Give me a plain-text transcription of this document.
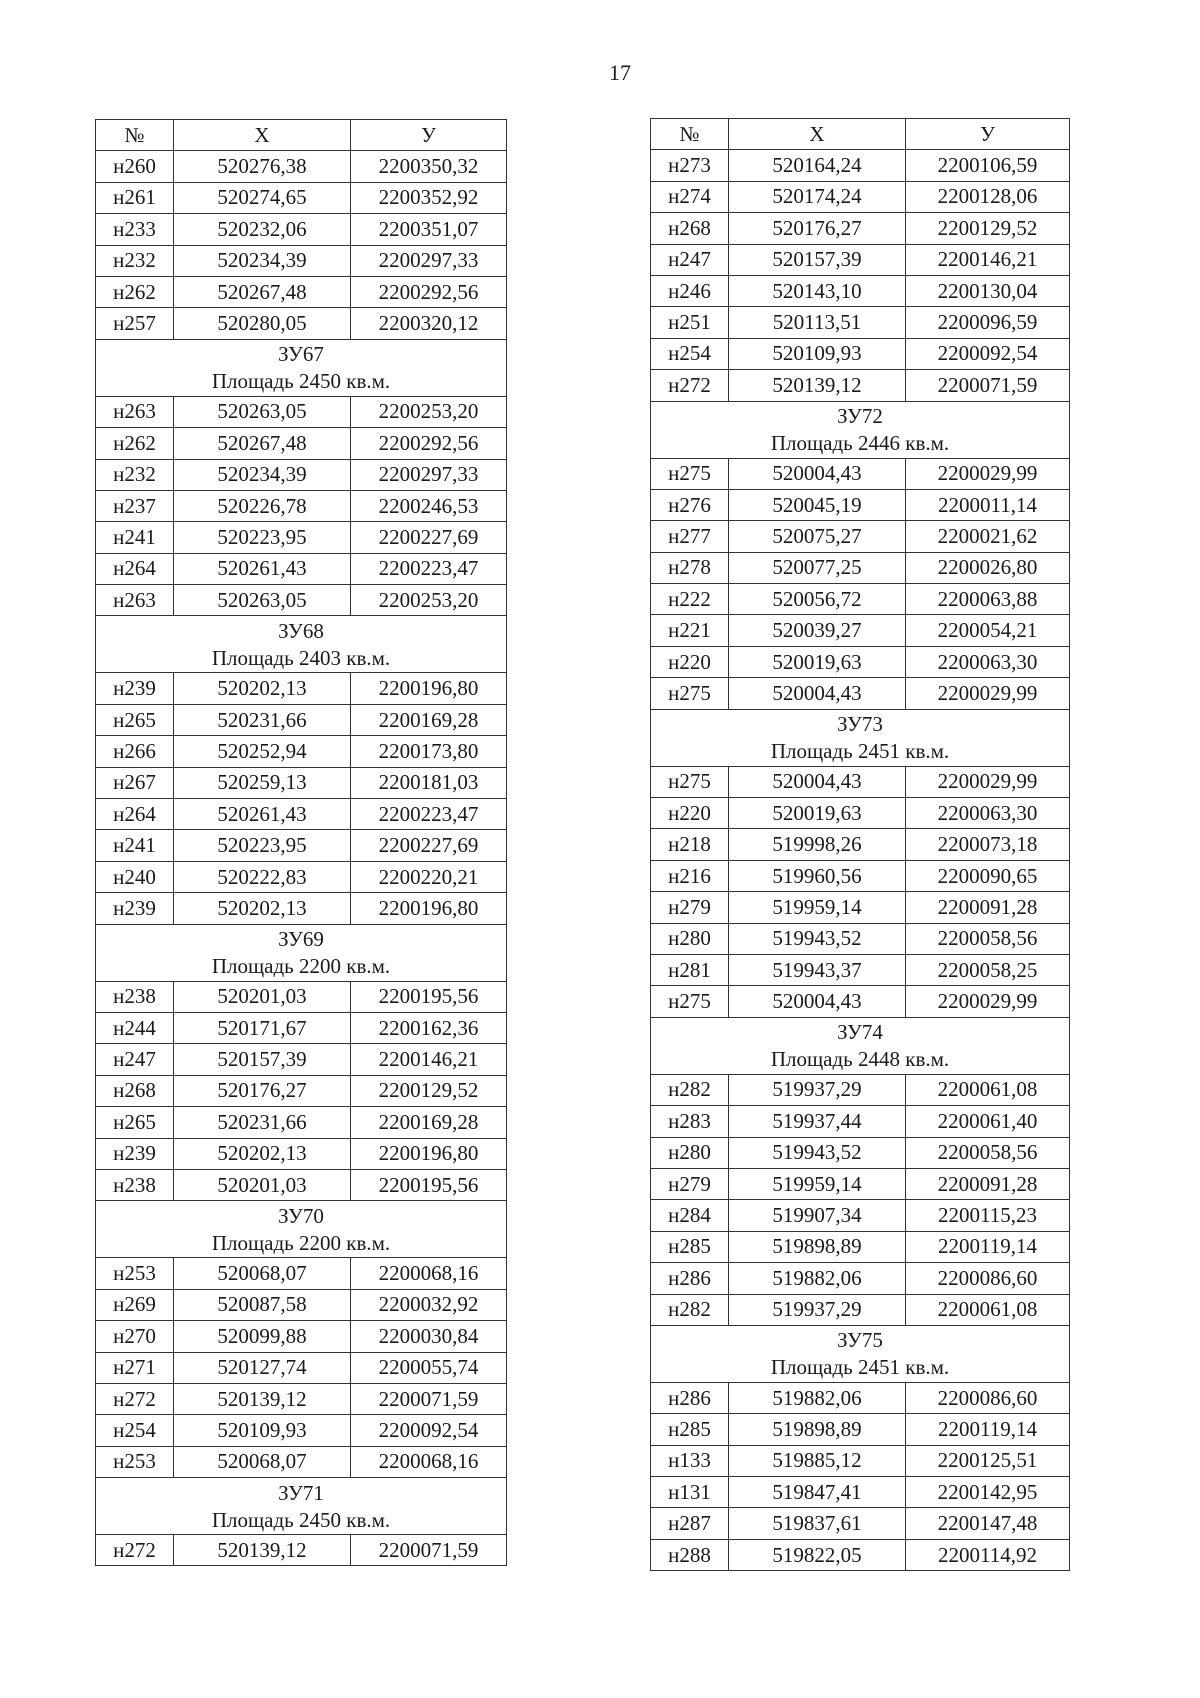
17
№	Х	У
н260	520276,38	2200350,32
н261	520274,65	2200352,92
н233	520232,06	2200351,07
н232	520234,39	2200297,33
н262	520267,48	2200292,56
н257	520280,05	2200320,12

ЗУ67
Площадь 2450 кв.м.		

н263	520263,05	2200253,20
н262	520267,48	2200292,56
н232	520234,39	2200297,33
н237	520226,78	2200246,53
н241	520223,95	2200227,69
н264	520261,43	2200223,47
н263	520263,05	2200253,20

ЗУ68
Площадь 2403 кв.м.		

н239	520202,13	2200196,80
н265	520231,66	2200169,28
н266	520252,94	2200173,80
н267	520259,13	2200181,03
н264	520261,43	2200223,47
н241	520223,95	2200227,69
н240	520222,83	2200220,21
н239	520202,13	2200196,80

ЗУ69
Площадь 2200 кв.м.		

н238	520201,03	2200195,56
н244	520171,67	2200162,36
н247	520157,39	2200146,21
н268	520176,27	2200129,52
н265	520231,66	2200169,28
н239	520202,13	2200196,80
н238	520201,03	2200195,56

ЗУ70
Площадь 2200 кв.м.		

н253	520068,07	2200068,16
н269	520087,58	2200032,92
н270	520099,88	2200030,84
н271	520127,74	2200055,74
н272	520139,12	2200071,59
н254	520109,93	2200092,54
н253	520068,07	2200068,16

ЗУ71
Площадь 2450 кв.м.		

н272	520139,12	2200071,59
№	Х	У
н273	520164,24	2200106,59
н274	520174,24	2200128,06
н268	520176,27	2200129,52
н247	520157,39	2200146,21
н246	520143,10	2200130,04
н251	520113,51	2200096,59
н254	520109,93	2200092,54
н272	520139,12	2200071,59

ЗУ72
Площадь 2446 кв.м.		

н275	520004,43	2200029,99
н276	520045,19	2200011,14
н277	520075,27	2200021,62
н278	520077,25	2200026,80
н222	520056,72	2200063,88
н221	520039,27	2200054,21
н220	520019,63	2200063,30
н275	520004,43	2200029,99

ЗУ73
Площадь 2451 кв.м.		

н275	520004,43	2200029,99
н220	520019,63	2200063,30
н218	519998,26	2200073,18
н216	519960,56	2200090,65
н279	519959,14	2200091,28
н280	519943,52	2200058,56
н281	519943,37	2200058,25
н275	520004,43	2200029,99

ЗУ74
Площадь 2448 кв.м.		

н282	519937,29	2200061,08
н283	519937,44	2200061,40
н280	519943,52	2200058,56
н279	519959,14	2200091,28
н284	519907,34	2200115,23
н285	519898,89	2200119,14
н286	519882,06	2200086,60
н282	519937,29	2200061,08

ЗУ75
Площадь 2451 кв.м.		

н286	519882,06	2200086,60
н285	519898,89	2200119,14
н133	519885,12	2200125,51
н131	519847,41	2200142,95
н287	519837,61	2200147,48
н288	519822,05	2200114,92
